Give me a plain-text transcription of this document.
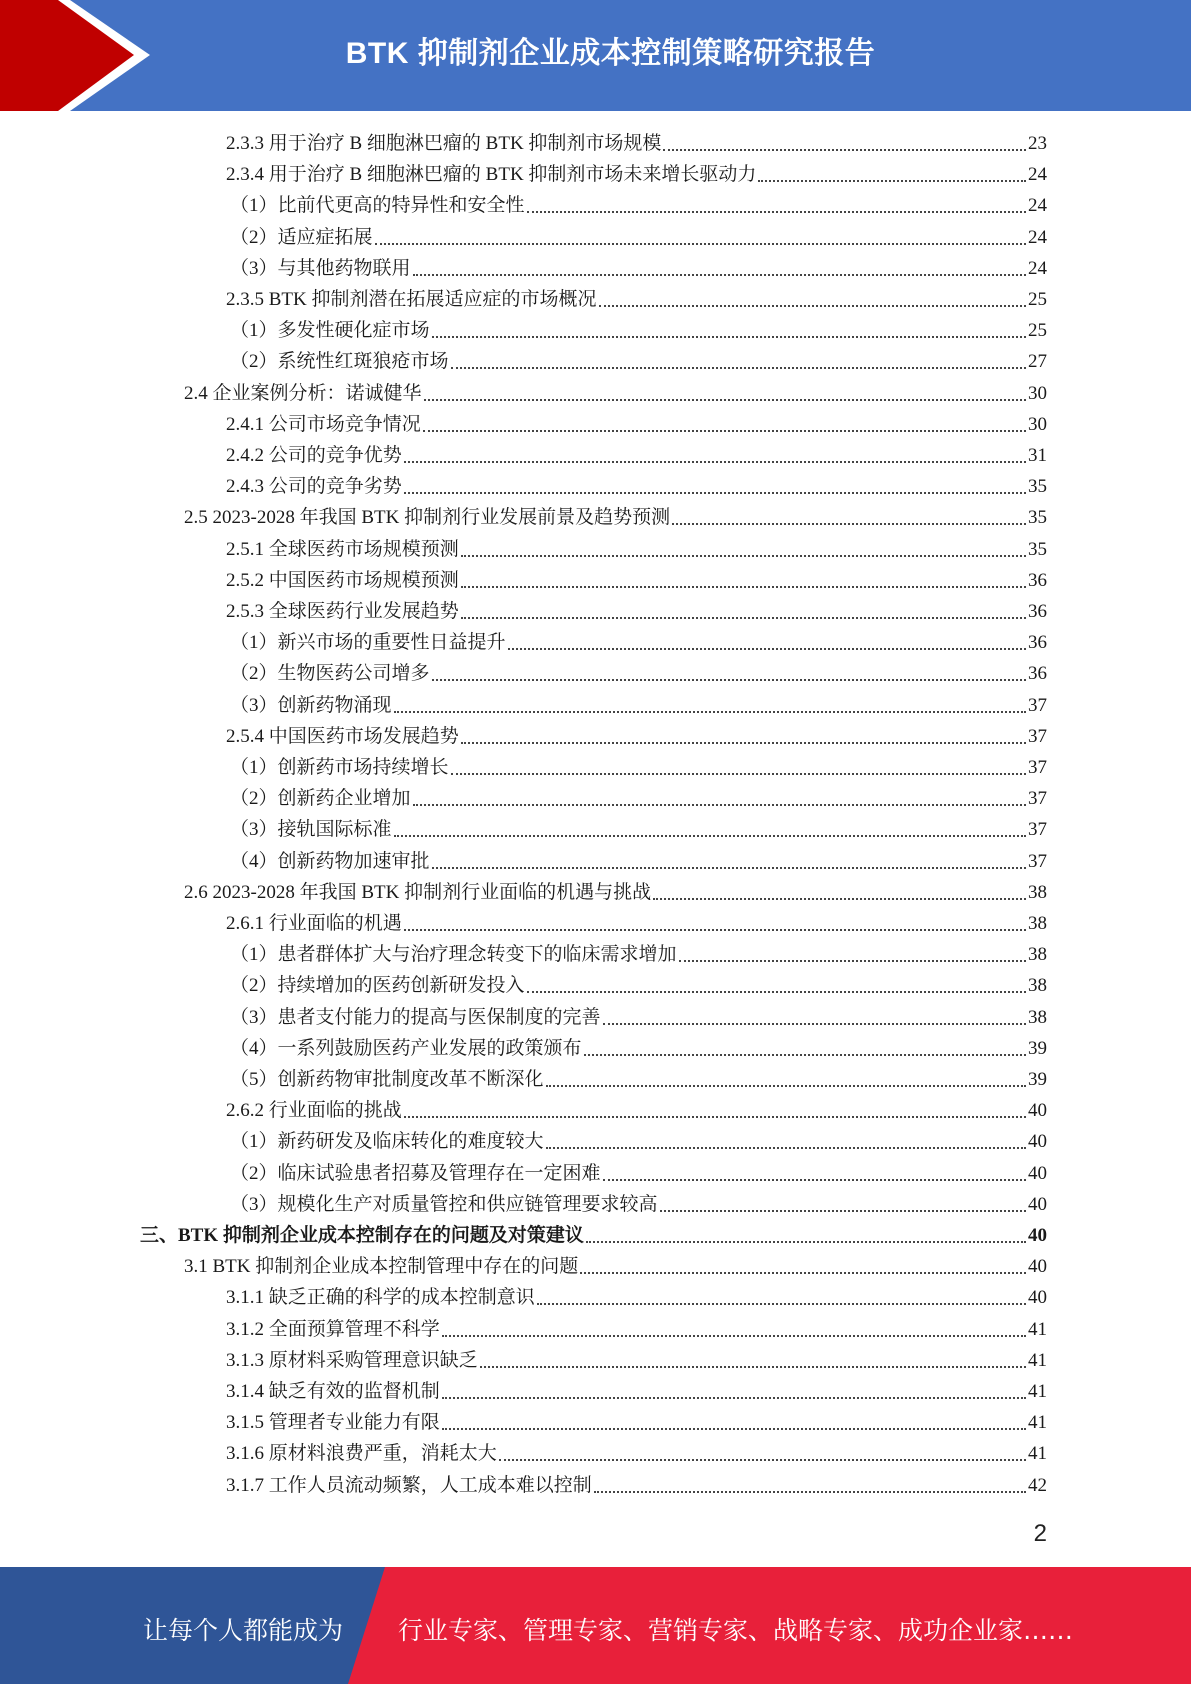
BTK 抑制剂企业成本控制策略研究报告
2.3.3 用于治疗 B 细胞淋巴瘤的 BTK 抑制剂市场规模	23
2.3.4 用于治疗 B 细胞淋巴瘤的 BTK 抑制剂市场未来增长驱动力	24
（1）比前代更高的特异性和安全性	24
（2）适应症拓展	24
（3）与其他药物联用	24
2.3.5 BTK 抑制剂潜在拓展适应症的市场概况	25
（1）多发性硬化症市场	25
（2）系统性红斑狼疮市场	27
2.4 企业案例分析：诺诚健华	30
2.4.1 公司市场竞争情况	30
2.4.2 公司的竞争优势	31
2.4.3 公司的竞争劣势	35
2.5 2023-2028 年我国 BTK 抑制剂行业发展前景及趋势预测	35
2.5.1 全球医药市场规模预测	35
2.5.2 中国医药市场规模预测	36
2.5.3 全球医药行业发展趋势	36
（1）新兴市场的重要性日益提升	36
（2）生物医药公司增多	36
（3）创新药物涌现	37
2.5.4 中国医药市场发展趋势	37
（1）创新药市场持续增长	37
（2）创新药企业增加	37
（3）接轨国际标准	37
（4）创新药物加速审批	37
2.6 2023-2028 年我国 BTK 抑制剂行业面临的机遇与挑战	38
2.6.1 行业面临的机遇	38
（1）患者群体扩大与治疗理念转变下的临床需求增加	38
（2）持续增加的医药创新研发投入	38
（3）患者支付能力的提高与医保制度的完善	38
（4）一系列鼓励医药产业发展的政策颁布	39
（5）创新药物审批制度改革不断深化	39
2.6.2 行业面临的挑战	40
（1）新药研发及临床转化的难度较大	40
（2）临床试验患者招募及管理存在一定困难	40
（3）规模化生产对质量管控和供应链管理要求较高	40
三、BTK 抑制剂企业成本控制存在的问题及对策建议	40
3.1 BTK 抑制剂企业成本控制管理中存在的问题	40
3.1.1 缺乏正确的科学的成本控制意识	40
3.1.2 全面预算管理不科学	41
3.1.3 原材料采购管理意识缺乏	41
3.1.4 缺乏有效的监督机制	41
3.1.5 管理者专业能力有限	41
3.1.6 原材料浪费严重，消耗太大	41
3.1.7 工作人员流动频繁，人工成本难以控制	42
2
让每个人都能成为 行业专家、管理专家、营销专家、战略专家、成功企业家……
